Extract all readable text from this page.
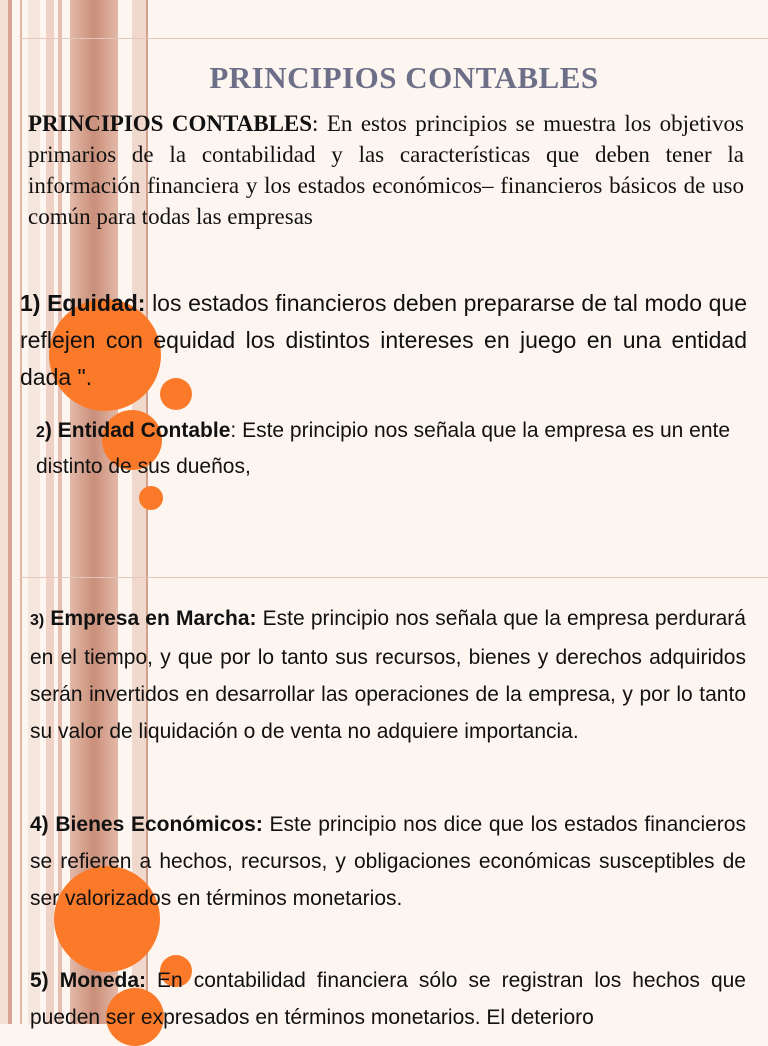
PRINCIPIOS CONTABLES
PRINCIPIOS CONTABLES: En estos principios se muestra los objetivos primarios de la contabilidad y las características que deben tener la información financiera y los estados económicos– financieros básicos de uso común para todas las empresas
1) Equidad: los estados financieros deben prepararse de tal modo que reflejen con equidad los distintos intereses en juego en una entidad dada ".
2) Entidad Contable: Este principio nos señala que la empresa es un ente distinto de sus dueños,
3) Empresa en Marcha: Este principio nos señala que la empresa perdurará en el tiempo, y que por lo tanto sus recursos, bienes y derechos adquiridos serán invertidos en desarrollar las operaciones de la empresa, y por lo tanto su valor de liquidación o de venta no adquiere importancia.
4) Bienes Económicos: Este principio nos dice que los estados financieros se refieren a hechos, recursos, y obligaciones económicas susceptibles de ser valorizados en términos monetarios.
5) Moneda: En contabilidad financiera sólo se registran los hechos que pueden ser expresados en términos monetarios. El deterioro
